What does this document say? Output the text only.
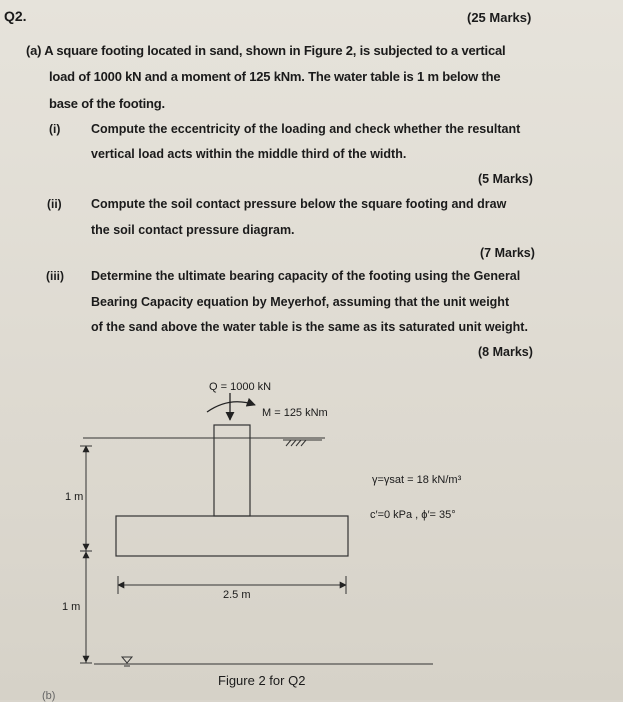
Q2.	(25 Marks)
(a) A square footing located in sand, shown in Figure 2, is subjected to a vertical
load of 1000 kN and a moment of 125 kNm. The water table is 1 m below the
base of the footing.
(i) Compute the eccentricity of the loading and check whether the resultant
vertical load acts within the middle third of the width.
(5 Marks)
(ii) Compute the soil contact pressure below the square footing and draw
the soil contact pressure diagram.
(7 Marks)
(iii) Determine the ultimate bearing capacity of the footing using the General
Bearing Capacity equation by Meyerhof, assuming that the unit weight
of the sand above the water table is the same as its saturated unit weight.
(8 Marks)
Q = 1000 kN
M = 125 kNm
γ=γsat = 18 kN/m³
c′=0 kPa , ϕ′= 35°
1 m
1 m
2.5 m
Figure 2 for Q2
(b)
